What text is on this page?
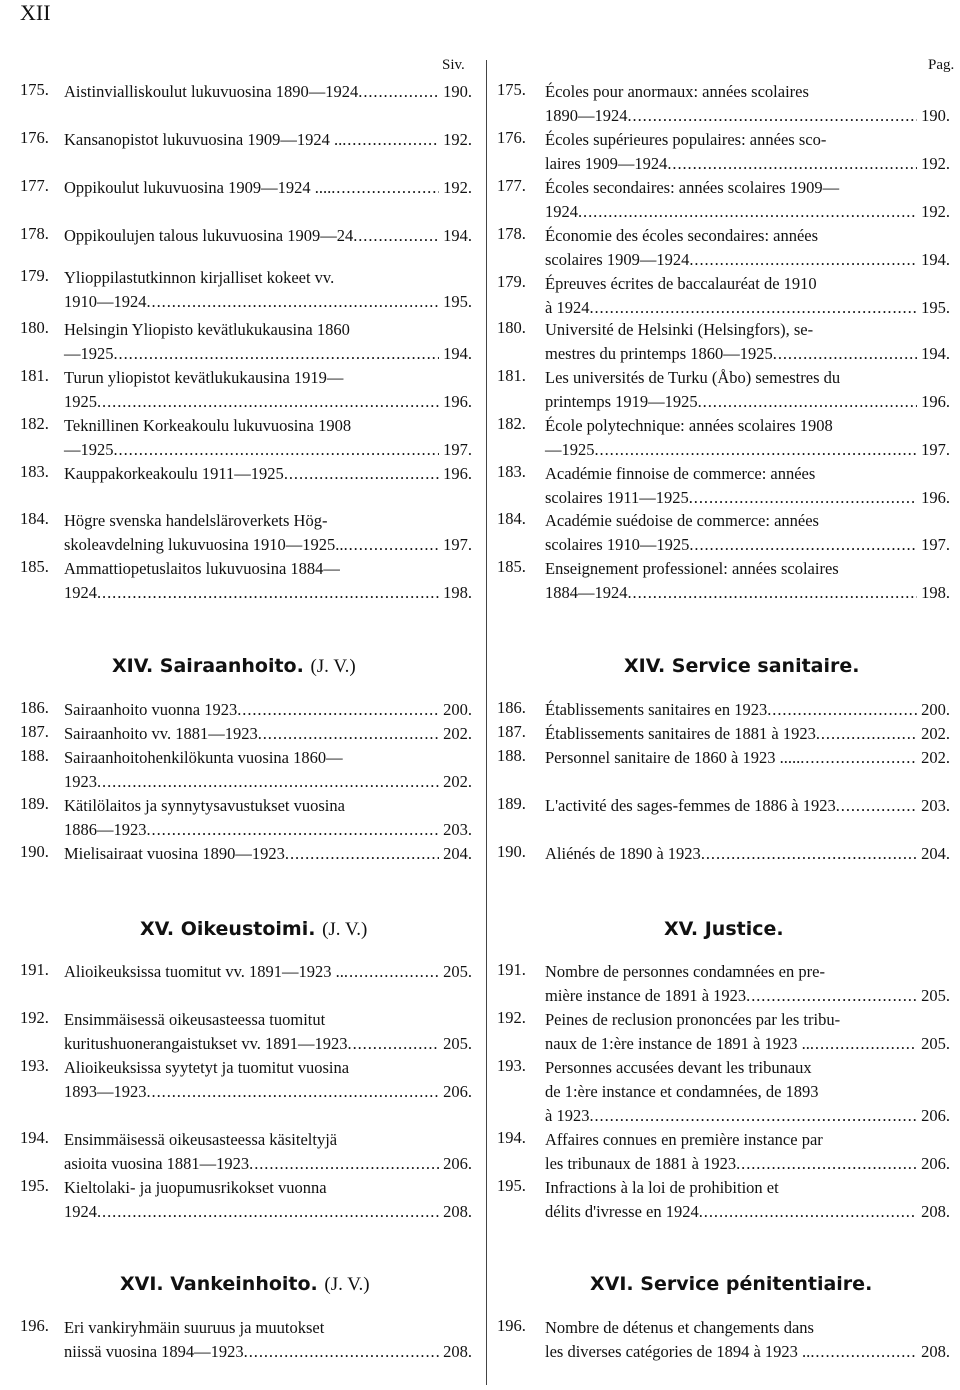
XII
Siv.	Pag.
175. Aistinvialliskoulut lukuvuosina 1890—1924 . . .	190.
176. Kansanopistot lukuvuosina 1909—1924 .. . . .	192.
177. Oppikoulut lukuvuosina 1909—1924 .... . . .	192.
178. Oppikoulujen talous lukuvuosina 1909—24 . . .	194.
179. Ylioppilastutkinnon kirjalliset kokeet vv.
1910—1924 . . .	195.
180. Helsingin Yliopisto kevätlukukausina 1860
—1925 . . .	194.
181. Turun yliopistot kevätlukukausina 1919—
1925 . . .	196.
182. Teknillinen Korkeakoulu lukuvuosina 1908
—1925 . . .	197.
183. Kauppakorkeakoulu 1911—1925 . . .	196.
184. Högre svenska handelsläroverkets Hög-
skoleavdelning lukuvuosina 1910—1925.. . . .	197.
185. Ammattiopetuslaitos lukuvuosina 1884—
1924 . . .	198.
175. Écoles pour anormaux: années scolaires
1890—1924 . . .	190.
176. Écoles supérieures populaires: années sco-
laires 1909—1924 . . .	192.
177. Écoles secondaires: années scolaires 1909—
1924 . . .	192.
178. Économie des écoles secondaires: années
scolaires 1909—1924 . . .	194.
179. Épreuves écrites de baccalauréat de 1910
à 1924 . . .	195.
180. Université de Helsinki (Helsingfors), se-
mestres du printemps 1860—1925 . . .	194.
181. Les universités de Turku (Åbo) semestres du
printemps 1919—1925 . . .	196.
182. École polytechnique: années scolaires 1908
—1925 . . .	197.
183. Académie finnoise de commerce: années
scolaires 1911—1925 . . .	196.
184. Académie suédoise de commerce: années
scolaires 1910—1925 . . .	197.
185. Enseignement professionel: années scolaires
1884—1924 . . .	198.
186. Sairaanhoito vuonna 1923 . . .	200.
187. Sairaanhoito vv. 1881—1923 . . .	202.
188. Sairaanhoitohenkilökunta vuosina 1860—
1923 . . .	202.
189. Kätilölaitos ja synnytysavustukset vuosina
1886—1923 . . .	203.
190. Mielisairaat vuosina 1890—1923 . . .	204.
XIV. Sairaanhoito. (J. V.)
186. Établissements sanitaires en 1923 . . .	200.
187. Établissements sanitaires de 1881 à 1923 . . .	202.
188. Personnel sanitaire de 1860 à 1923 ..... . . .	202.
189. L'activité des sages-femmes de 1886 à 1923 . . .	203.
190. Aliénés de 1890 à 1923 . . .	204.
XIV. Service sanitaire.
191. Alioikeuksissa tuomitut vv. 1891—1923 .. . . .	205.
192. Ensimmäisessä oikeusasteessa tuomitut
kuritushuonerangaistukset vv. 1891—1923 . . .	205.
193. Alioikeuksissa syytetyt ja tuomitut vuosina
1893—1923 . . .	206.
194. Ensimmäisessä oikeusasteessa käsiteltyjä
asioita vuosina 1881—1923 . . .	206.
195. Kieltolaki- ja juopumusrikokset vuonna
1924 . . .	208.
XV. Oikeustoimi. (J. V.)
191. Nombre de personnes condamnées en pre-
mière instance de 1891 à 1923 . . .	205.
192. Peines de reclusion prononcées par les tribu-
naux de 1:ère instance de 1891 à 1923 .. . . .	205.
193. Personnes accusées devant les tribunaux
de 1:ère instance et condamnées, de 1893
à 1923 . . .	206.
194. Affaires connues en première instance par
les tribunaux de 1881 à 1923 . . .	206.
195. Infractions à la loi de prohibition et
délits d'ivresse en 1924 . . .	208.
XV. Justice.
196. Eri vankiryhmäin suuruus ja muutokset
niissä vuosina 1894—1923 . . .	208.
XVI. Vankeinhoito. (J. V.)
196. Nombre de détenus et changements dans
les diverses catégories de 1894 à 1923 .. . . .	208.
XVI. Service pénitentiaire.
